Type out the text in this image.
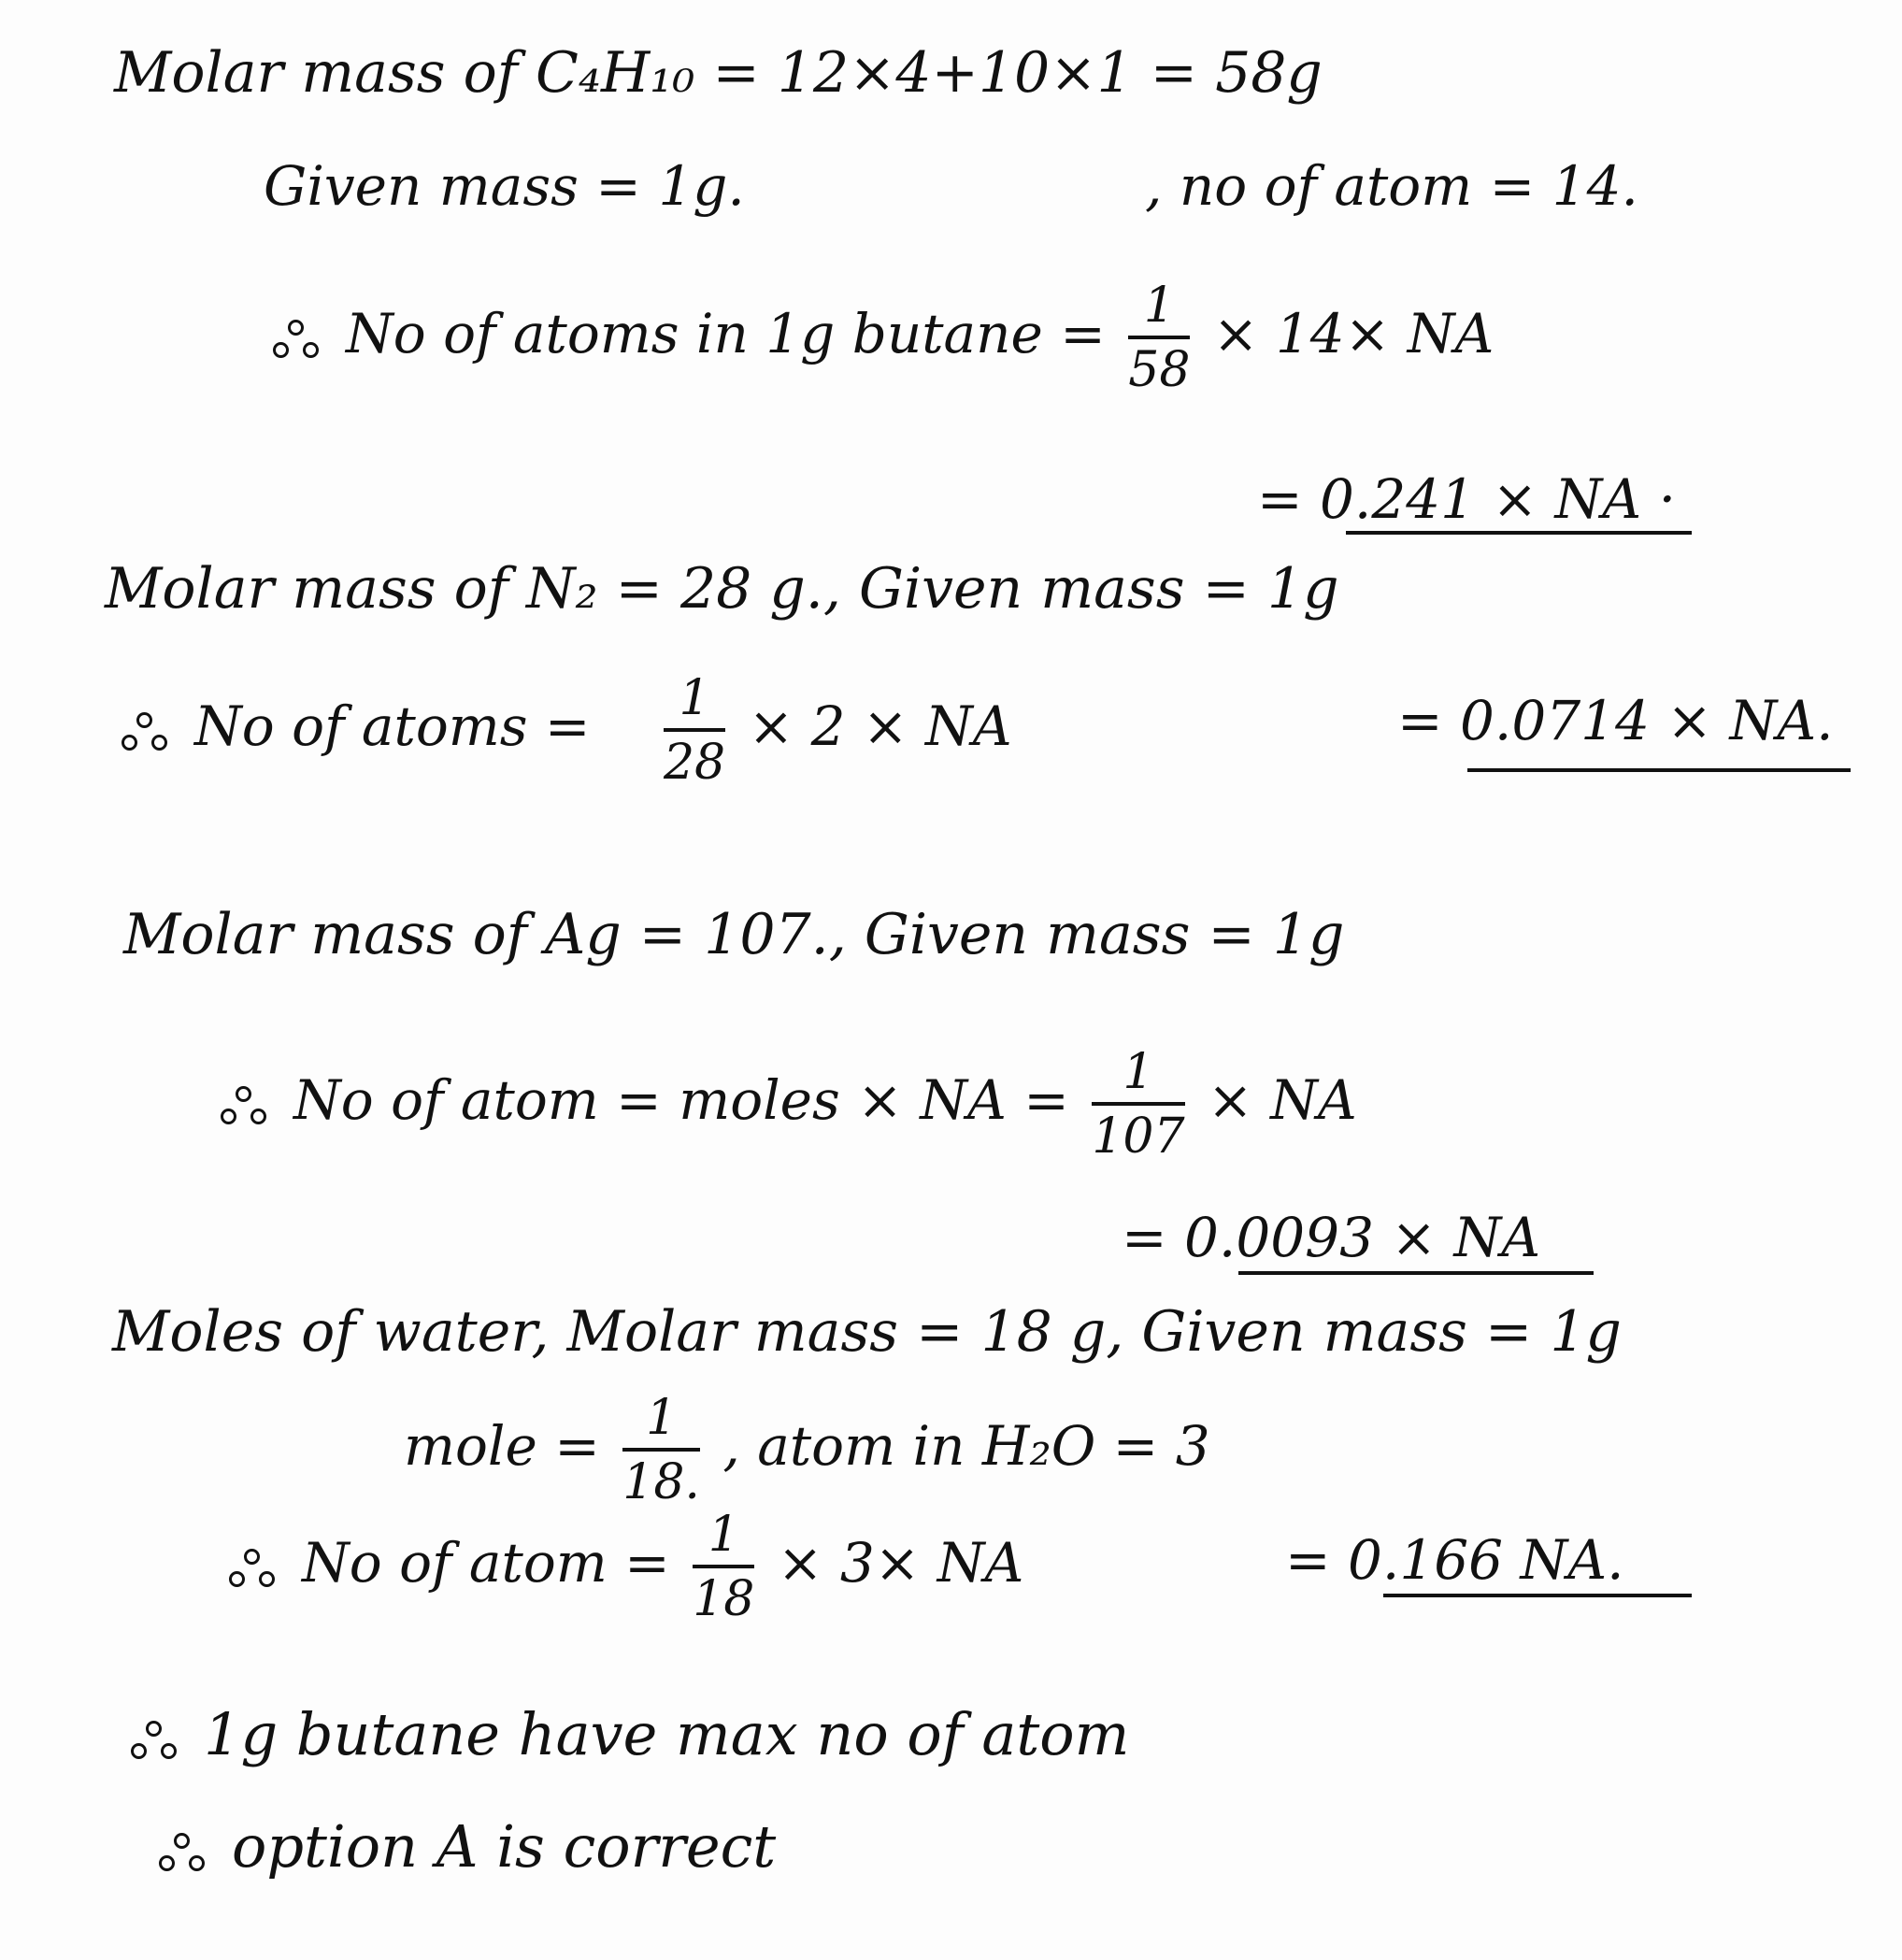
Molar mass of C₄H₁₀ = 12×4+10×1 = 58g
Given mass = 1g.	, no of atom = 14.
No of atoms in 1g $butane = \frac{1}{58} \times 14\times$ NA
= 0.241 × NA ·
Molar mass of N₂ = 28 g., Given mass = 1g
No of atoms = $\frac{1}{28} \times 2$ × NA	= 0.0714 × NA.
Molar mass of Ag = 107., Given mass = 1g
No of atom = moles × NA = $\frac{1}{107}$ × NA
= 0.0093 × NA
Moles of water, Molar mass = 18 g, Given mass = 1g
mole = $\frac{1}{18.}$ , atom in H₂O = 3
No of atom = $\frac{1}{18} \times 3\times$ NA	= 0.166 NA.
1g butane have max no of atom
option A is correct
